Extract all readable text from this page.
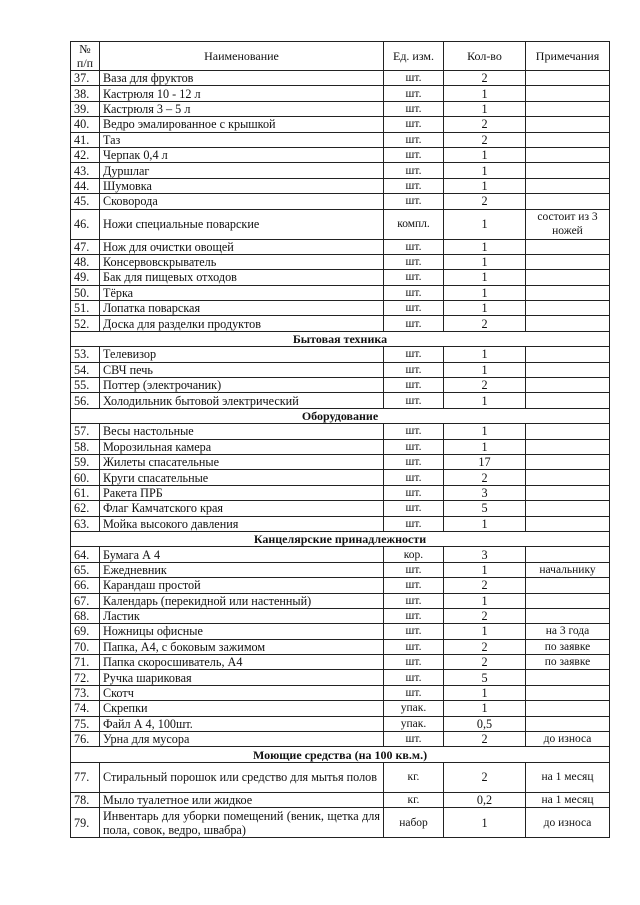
№ п/п	Наименование	Ед. изм.	Кол-во	Примечания
37.	Ваза для фруктов	шт.	2	
38.	Кастрюля 10 - 12 л	шт.	1	
39.	Кастрюля 3 – 5 л	шт.	1	
40.	Ведро эмалированное с крышкой	шт.	2	
41.	Таз	шт.	2	
42.	Черпак 0,4 л	шт.	1	
43.	Дуршлаг	шт.	1	
44.	Шумовка	шт.	1	
45.	Сковорода	шт.	2	
46.	Ножи специальные поварские	компл.	1	состоит из 3 ножей
47.	Нож для очистки овощей	шт.	1	
48.	Консервовскрыватель	шт.	1	
49.	Бак для пищевых отходов	шт.	1	
50.	Тёрка	шт.	1	
51.	Лопатка поварская	шт.	1	
52.	Доска для разделки продуктов	шт.	2	
Бытовая техника				
53.	Телевизор	шт.	1	
54.	СВЧ печь	шт.	1	
55.	Поттер (электрочаник)	шт.	2	
56.	Холодильник бытовой электрический	шт.	1	
Оборудование				
57.	Весы настольные	шт.	1	
58.	Морозильная камера	шт.	1	
59.	Жилеты спасательные	шт.	17	
60.	Круги спасательные	шт.	2	
61.	Ракета ПРБ	шт.	3	
62.	Флаг Камчатского края	шт.	5	
63.	Мойка высокого давления	шт.	1	
Канцелярские принадлежности				
64.	Бумага А 4	кор.	3	
65.	Ежедневник	шт.	1	начальнику
66.	Карандаш простой	шт.	2	
67.	Календарь (перекидной или настенный)	шт.	1	
68.	Ластик	шт.	2	
69.	Ножницы офисные	шт.	1	на 3 года
70.	Папка, А4, с боковым зажимом	шт.	2	по заявке
71.	Папка скоросшиватель, А4	шт.	2	по заявке
72.	Ручка шариковая	шт.	5	
73.	Скотч	шт.	1	
74.	Скрепки	упак.	1	
75.	Файл А 4, 100шт.	упак.	0,5	
76.	Урна для мусора	шт.	2	до износа
Моющие средства (на 100 кв.м.)				
77.	Стиральный порошок или средство для мытья полов	кг.	2	на 1 месяц
78.	Мыло туалетное или жидкое	кг.	0,2	на 1 месяц
79.	Инвентарь для уборки помещений (веник, щетка для пола, совок, ведро, швабра)	набор	1	до износа
